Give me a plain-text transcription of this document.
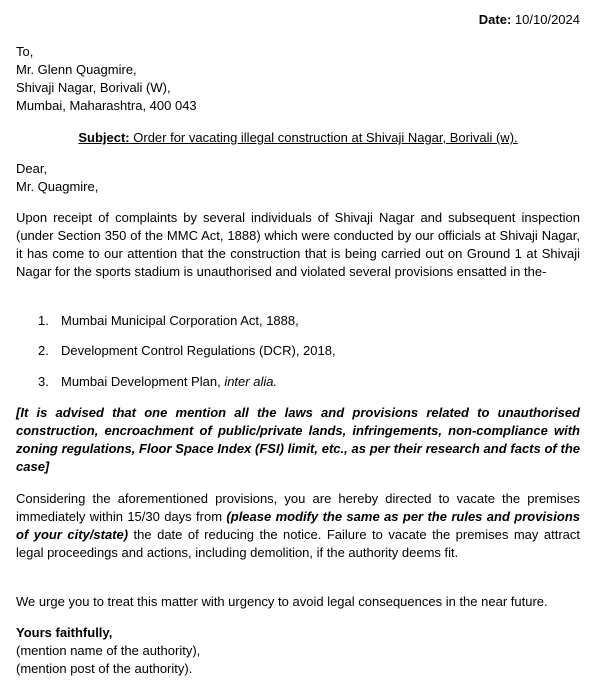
Date: 10/10/2024
To,
Mr. Glenn Quagmire,
Shivaji Nagar, Borivali (W),
Mumbai, Maharashtra, 400 043
Subject: Order for vacating illegal construction at Shivaji Nagar, Borivali (w).
Dear,
Mr. Quagmire,
Upon receipt of complaints by several individuals of Shivaji Nagar and subsequent inspection (under Section 350 of the MMC Act, 1888) which were conducted by our officials at Shivaji Nagar, it has come to our attention that the construction that is being carried out on Ground 1 at Shivaji Nagar for the sports stadium is unauthorised and violated several provisions ensatted in the-
1. Mumbai Municipal Corporation Act, 1888,
2. Development Control Regulations (DCR), 2018,
3. Mumbai Development Plan, inter alia.
[It is advised that one mention all the laws and provisions related to unauthorised construction, encroachment of public/private lands, infringements, non-compliance with zoning regulations, Floor Space Index (FSI) limit, etc., as per their research and facts of the case]
Considering the aforementioned provisions, you are hereby directed to vacate the premises immediately within 15/30 days from (please modify the same as per the rules and provisions of your city/state) the date of reducing the notice. Failure to vacate the premises may attract legal proceedings and actions, including demolition, if the authority deems fit.
We urge you to treat this matter with urgency to avoid legal consequences in the near future.
Yours faithfully,
(mention name of the authority),
(mention post of the authority).
